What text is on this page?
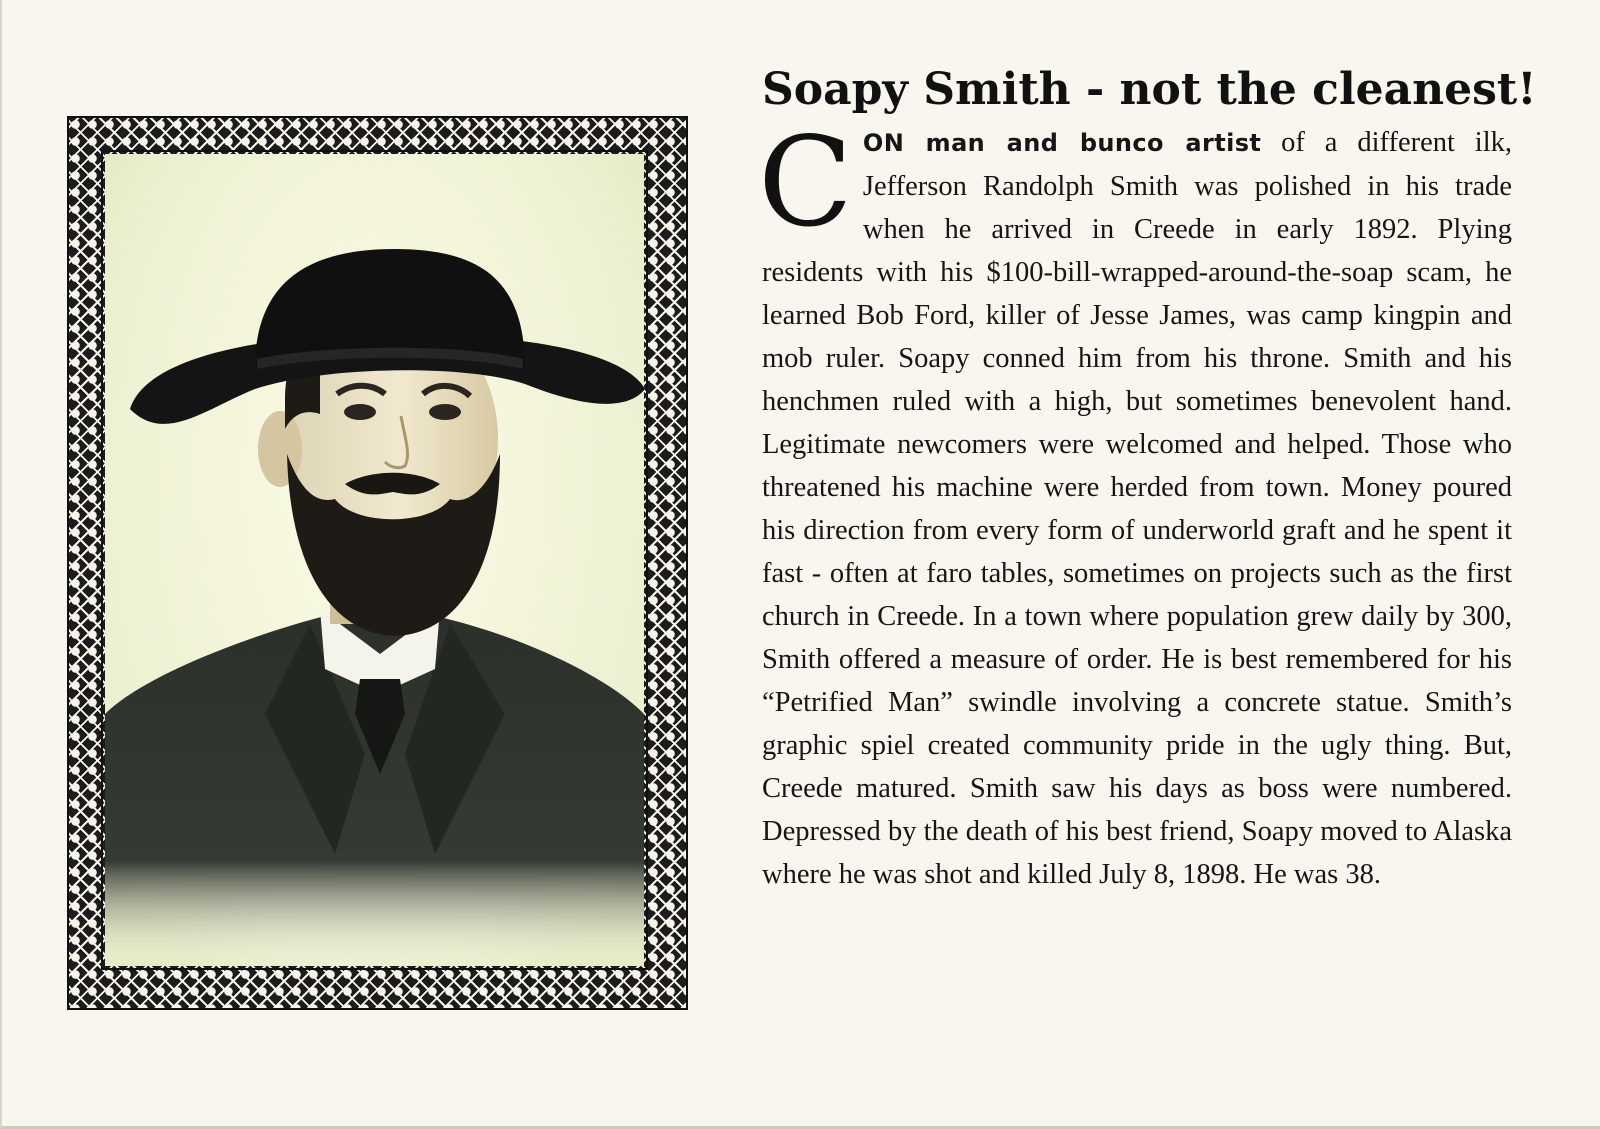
Soapy Smith - not the cleanest!

CON man and bunco artist of a different ilk, Jefferson Randolph Smith was polished in his trade when he arrived in Creede in early 1892. Plying residents with his $100-bill-wrapped-around-the-soap scam, he learned Bob Ford, killer of Jesse James, was camp kingpin and mob ruler. Soapy conned him from his throne. Smith and his henchmen ruled with a high, but sometimes benevolent hand. Legitimate newcomers were welcomed and helped. Those who threatened his machine were herded from town. Money poured his direction from every form of underworld graft and he spent it fast - often at faro tables, sometimes on projects such as the first church in Creede. In a town where population grew daily by 300, Smith offered a measure of order. He is best remembered for his “Petrified Man” swindle involving a concrete statue. Smith’s graphic spiel created community pride in the ugly thing. But, Creede matured. Smith saw his days as boss were numbered. Depressed by the death of his best friend, Soapy moved to Alaska where he was shot and killed July 8, 1898. He was 38.
